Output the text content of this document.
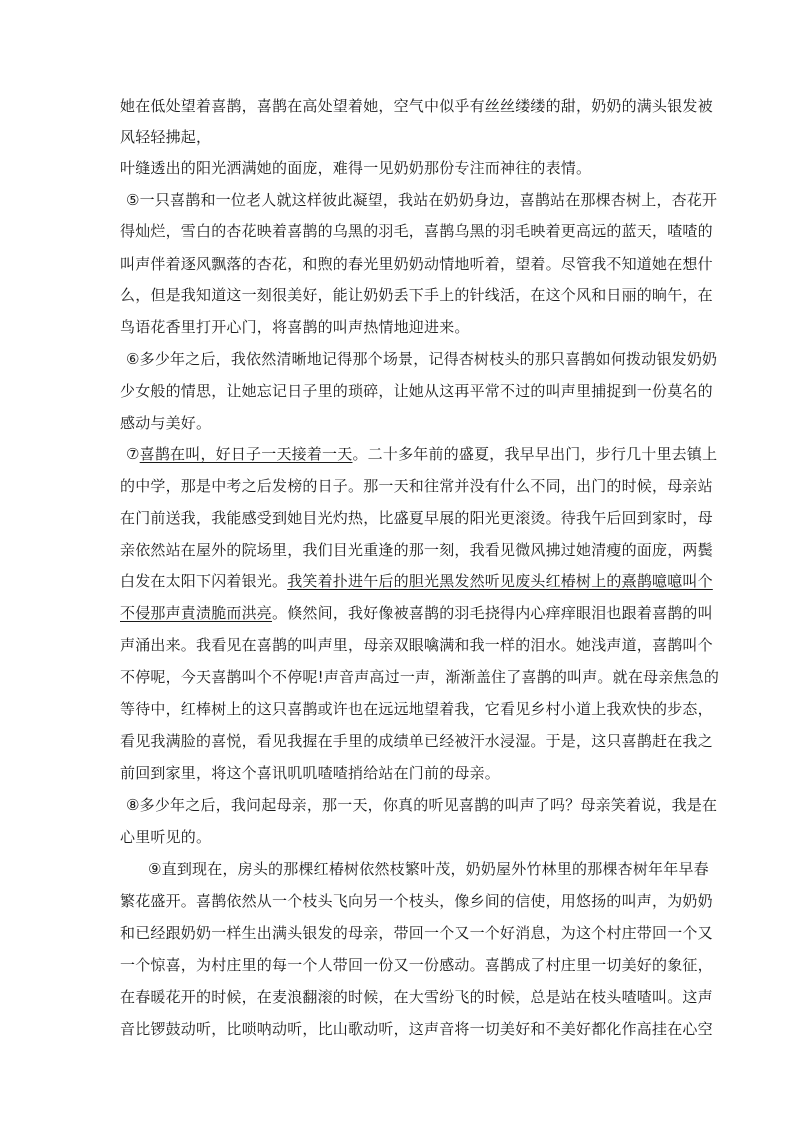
她在低处望着喜鹊，喜鹊在高处望着她，空气中似乎有丝丝缕缕的甜，奶奶的满头银发被
风轻轻拂起，
叶缝透出的阳光洒满她的面庞，难得一见奶奶那份专注而神往的表情。
⑤一只喜鹊和一位老人就这样彼此凝望，我站在奶奶身边，喜鹊站在那棵杏树上，杏花开
得灿烂，雪白的杏花映着喜鹊的乌黑的羽毛，喜鹊乌黑的羽毛映着更高远的蓝天，喳喳的
叫声伴着逐风飘落的杏花，和煦的春光里奶奶动情地听着，望着。尽管我不知道她在想什
么，但是我知道这一刻很美好，能让奶奶丢下手上的针线活，在这个风和日丽的晌午，在
鸟语花香里打开心门，将喜鹊的叫声热情地迎进来。
⑥多少年之后，我依然清晰地记得那个场景，记得杏树枝头的那只喜鹊如何拨动银发奶奶
少女般的情思，让她忘记日子里的琐碎，让她从这再平常不过的叫声里捕捉到一份莫名的
感动与美好。
⑦喜鹊在叫，好日子一天接着一天。二十多年前的盛夏，我早早出门，步行几十里去镇上
的中学，那是中考之后发榜的日子。那一天和往常并没有什么不同，出门的时候，母亲站
在门前送我，我能感受到她目光灼热，比盛夏早展的阳光更滚烫。待我午后回到家时，母
亲依然站在屋外的院场里，我们目光重逢的那一刻，我看见微风拂过她清瘦的面庞，两鬓
白发在太阳下闪着银光。我笑着扑进午后的胆光黑发然听见废头红椿树上的熹鹊噫噫叫个
不侵那声責渍脆而洪亮。倏然间，我好像被喜鹊的羽毛挠得内心痒痒眼泪也跟着喜鹊的叫
声涌出来。我看见在喜鹊的叫声里，母亲双眼噙满和我一样的泪水。她浅声道，喜鹊叫个
不停呢，今天喜鹊叫个不停呢!声音声高过一声，渐渐盖住了喜鹊的叫声。就在母亲焦急的
等待中，红棒树上的这只喜鹊或许也在远远地望着我，它看见乡村小道上我欢快的步态，
看见我满脸的喜悦，看见我握在手里的成绩单已经被汗水浸湿。于是，这只喜鹊赶在我之
前回到家里，将这个喜讯叽叽喳喳捎给站在门前的母亲。
⑧多少年之后，我问起母亲，那一天，你真的听见喜鹊的叫声了吗？母亲笑着说，我是在
心里听见的。
⑨直到现在，房头的那棵红椿树依然枝繁叶茂，奶奶屋外竹林里的那棵杏树年年早春
繁花盛开。喜鹊依然从一个枝头飞向另一个枝头，像乡间的信使，用悠扬的叫声，为奶奶
和已经跟奶奶一样生出满头银发的母亲，带回一个又一个好消息，为这个村庄带回一个又
一个惊喜，为村庄里的每一个人带回一份又一份感动。喜鹊成了村庄里一切美好的象征，
在春暖花开的时候，在麦浪翻滚的时候，在大雪纷飞的时候，总是站在枝头喳喳叫。这声
音比锣鼓动听，比唢呐动听，比山歌动听，这声音将一切美好和不美好都化作高挂在心空
